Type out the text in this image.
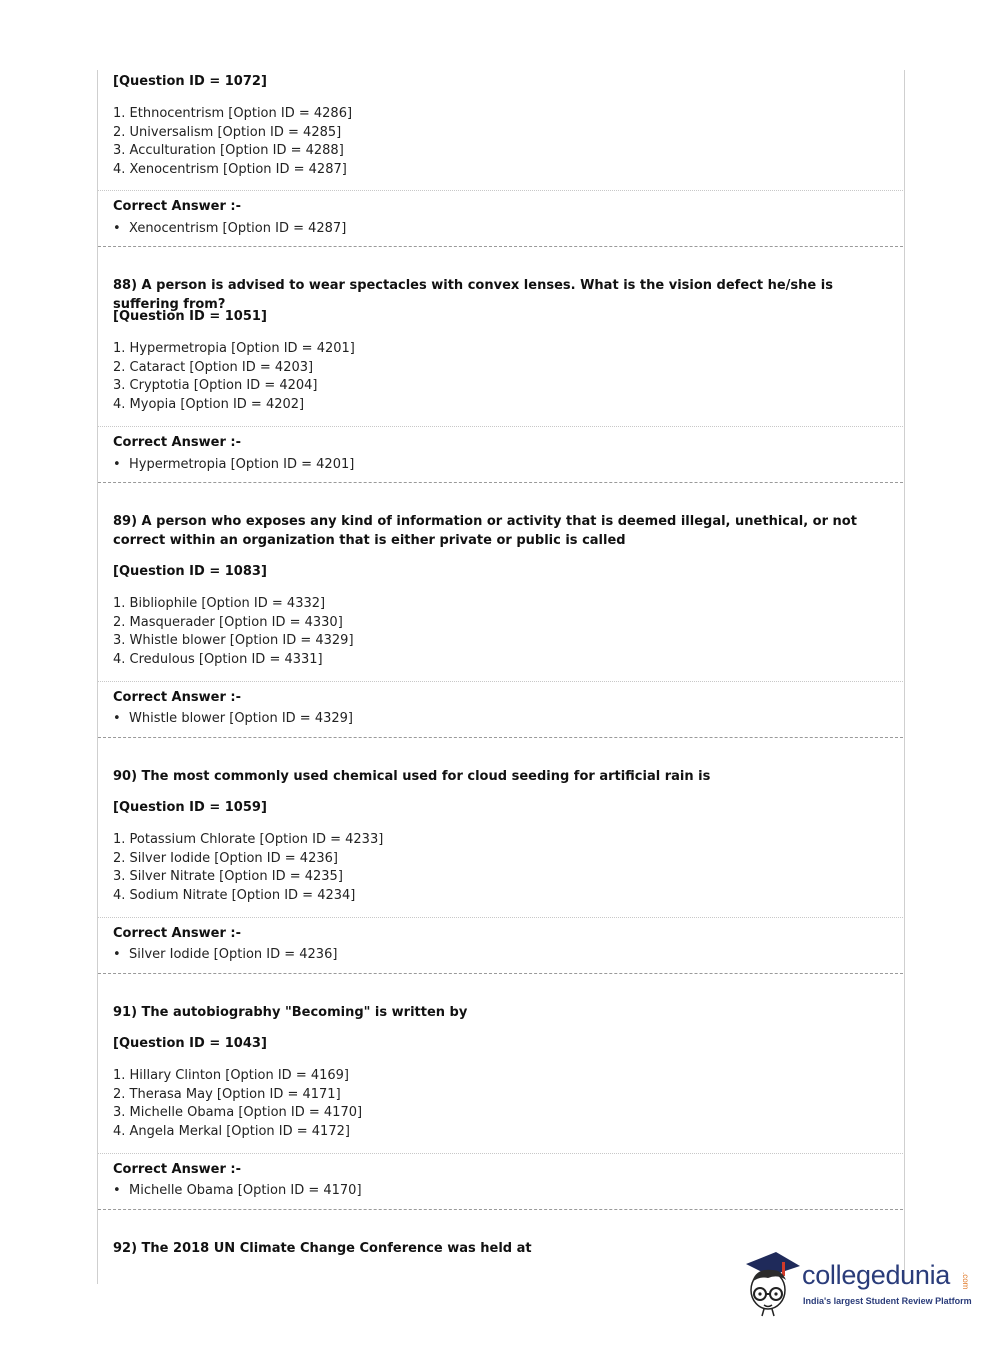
[Question ID = 1072]

1. Ethnocentrism [Option ID = 4286]
2. Universalism [Option ID = 4285]
3. Acculturation [Option ID = 4288]
4. Xenocentrism [Option ID = 4287]

Correct Answer :-

• Xenocentrism [Option ID = 4287]

88) A person is advised to wear spectacles with convex lenses. What is the vision defect he/she is suffering from?

[Question ID = 1051]

1. Hypermetropia [Option ID = 4201]
2. Cataract [Option ID = 4203]
3. Cryptotia [Option ID = 4204]
4. Myopia [Option ID = 4202]

Correct Answer :-

• Hypermetropia [Option ID = 4201]

89) A person who exposes any kind of information or activity that is deemed illegal, unethical, or not correct within an organization that is either private or public is called

[Question ID = 1083]

1. Bibliophile [Option ID = 4332]
2. Masquerader [Option ID = 4330]
3. Whistle blower [Option ID = 4329]
4. Credulous [Option ID = 4331]

Correct Answer :-

• Whistle blower [Option ID = 4329]

90) The most commonly used chemical used for cloud seeding for artificial rain is

[Question ID = 1059]

1. Potassium Chlorate [Option ID = 4233]
2. Silver Iodide [Option ID = 4236]
3. Silver Nitrate [Option ID = 4235]
4. Sodium Nitrate [Option ID = 4234]

Correct Answer :-

• Silver Iodide [Option ID = 4236]

91) The autobiograbhy "Becoming" is written by

[Question ID = 1043]

1. Hillary Clinton [Option ID = 4169]
2. Therasa May [Option ID = 4171]
3. Michelle Obama [Option ID = 4170]
4. Angela Merkal [Option ID = 4172]

Correct Answer :-

• Michelle Obama [Option ID = 4170]

92) The 2018 UN Climate Change Conference was held at

collegedunia .com
India's largest Student Review Platform
